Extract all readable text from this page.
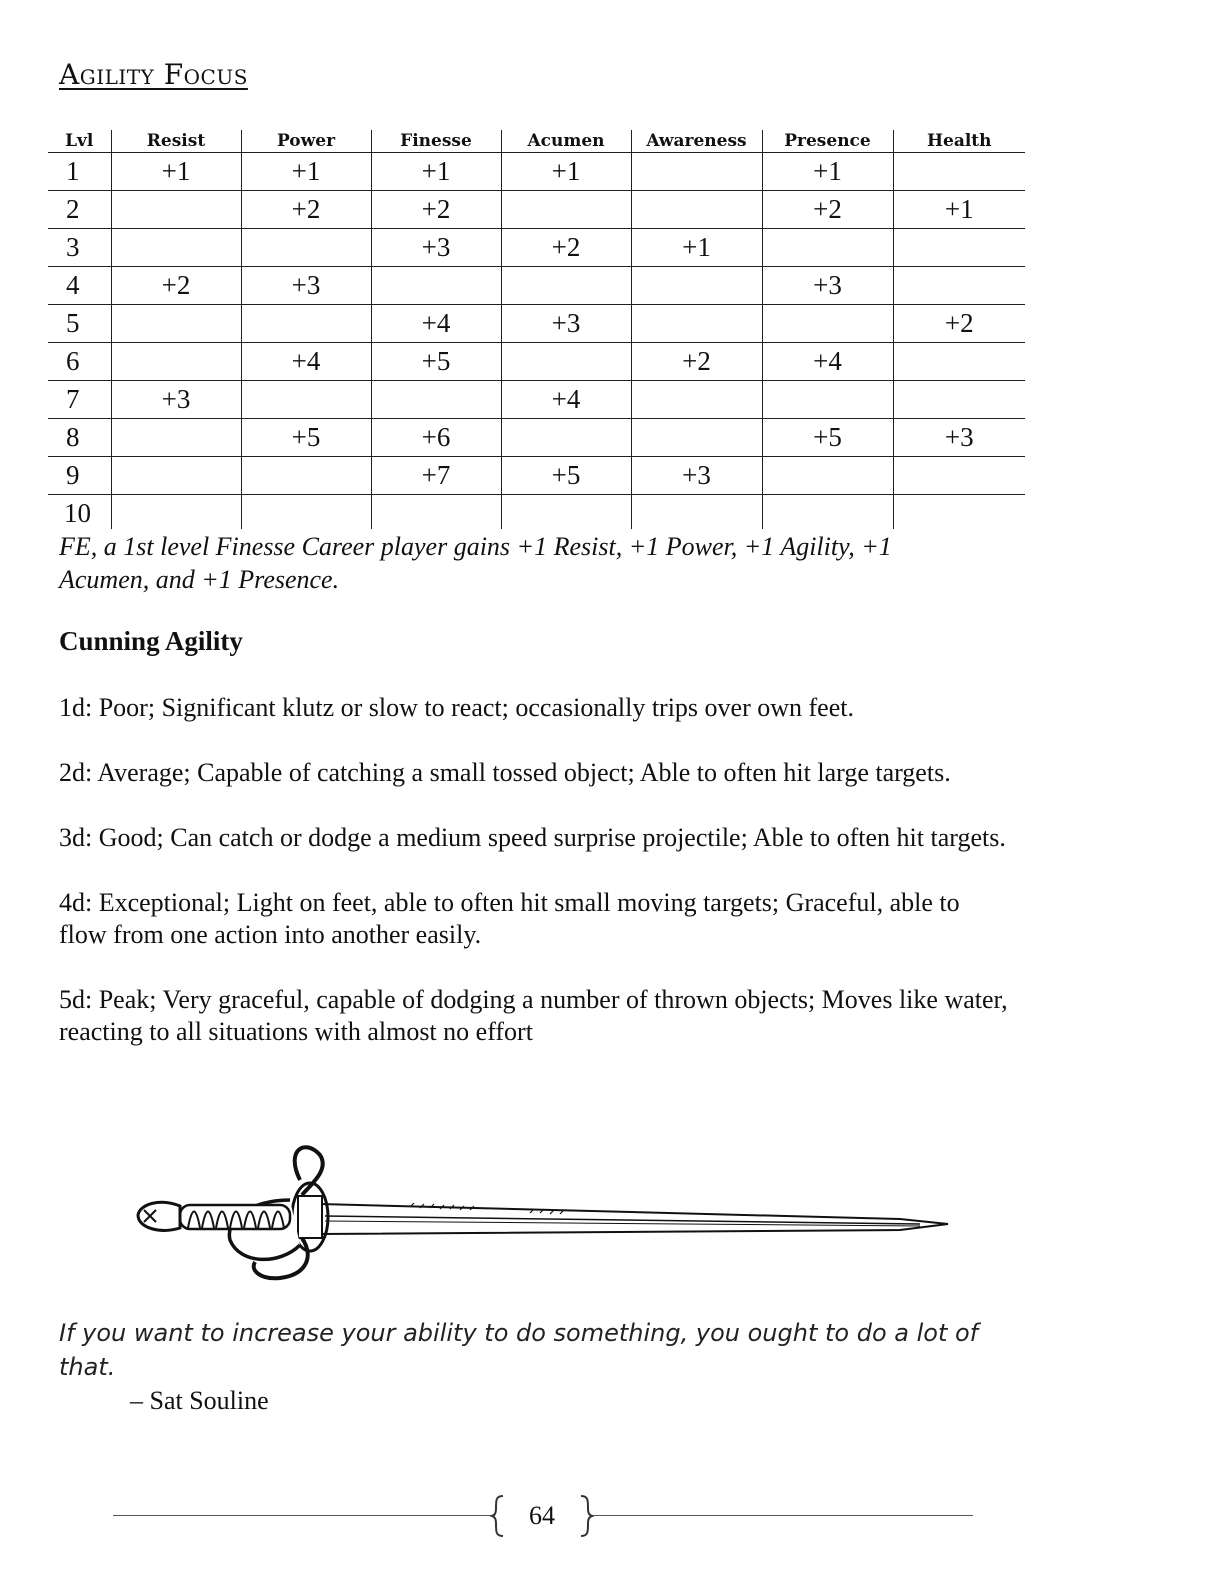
Agility Focus
Lvl	Resist	Power	Finesse	Acumen	Awareness	Presence	Health
1	+1	+1	+1	+1		+1	
2		+2	+2			+2	+1
3			+3	+2	+1		
4	+2	+3				+3	
5			+4	+3			+2
6		+4	+5		+2	+4	
7	+3			+4			
8		+5	+6			+5	+3
9			+7	+5	+3		
10							

FE, a 1st level Finesse Career player gains +1 Resist, +1 Power, +1 Agility, +1 Acumen, and +1 Presence.

Cunning Agility
1d: Poor; Significant klutz or slow to react; occasionally trips over own feet.
2d: Average; Capable of catching a small tossed object; Able to often hit large targets.
3d: Good; Can catch or dodge a medium speed surprise projectile; Able to often hit targets.
4d: Exceptional; Light on feet, able to often hit small moving targets; Graceful, able to flow from one action into another easily.
5d: Peak; Very graceful, capable of dodging a number of thrown objects; Moves like water, reacting to all situations with almost no effort

If you want to increase your ability to do something, you ought to do a lot of that.

– Sat Souline

64
